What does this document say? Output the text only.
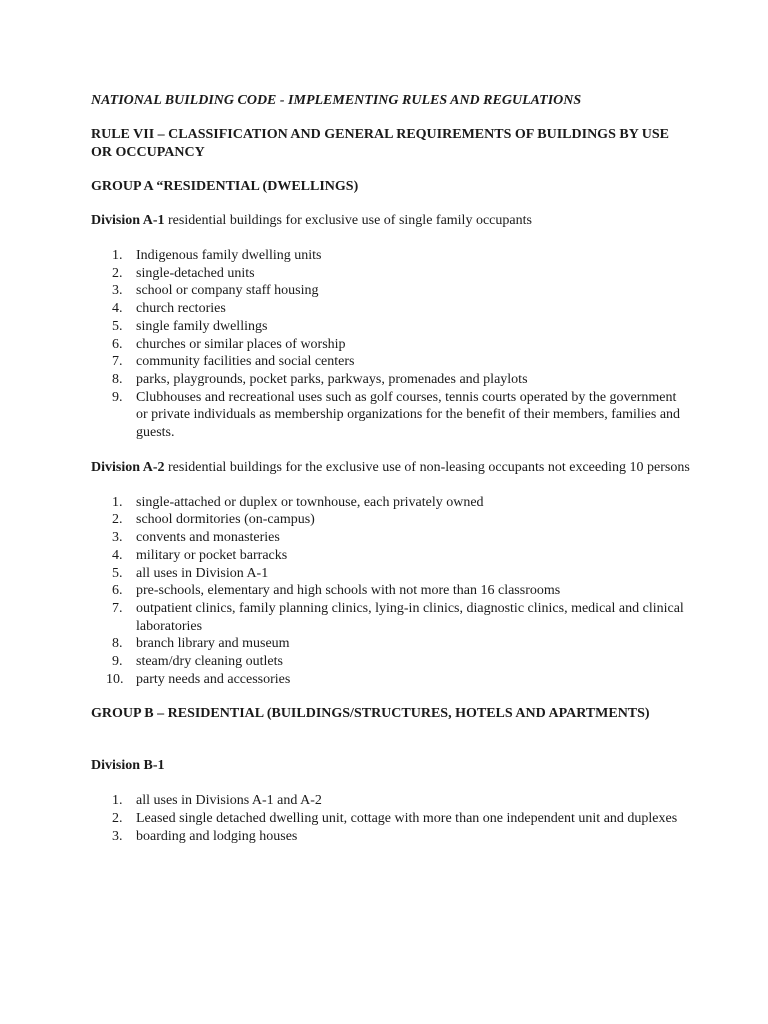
NATIONAL BUILDING CODE - IMPLEMENTING RULES AND REGULATIONS
RULE VII – CLASSIFICATION AND GENERAL REQUIREMENTS OF BUILDINGS BY USE OR OCCUPANCY
GROUP A “RESIDENTIAL (DWELLINGS)
Division A-1 residential buildings for exclusive use of single family occupants
1. Indigenous family dwelling units
2. single-detached units
3. school or company staff housing
4. church rectories
5. single family dwellings
6. churches or similar places of worship
7. community facilities and social centers
8. parks, playgrounds, pocket parks, parkways, promenades and playlots
9. Clubhouses and recreational uses such as golf courses, tennis courts operated by the government or private individuals as membership organizations for the benefit of their members, families and guests.
Division A-2 residential buildings for the exclusive use of non-leasing occupants not exceeding 10 persons
1. single-attached or duplex or townhouse, each privately owned
2. school dormitories (on-campus)
3. convents and monasteries
4. military or pocket barracks
5. all uses in Division A-1
6. pre-schools, elementary and high schools with not more than 16 classrooms
7. outpatient clinics, family planning clinics, lying-in clinics, diagnostic clinics, medical and clinical laboratories
8. branch library and museum
9. steam/dry cleaning outlets
10. party needs and accessories
GROUP B – RESIDENTIAL (BUILDINGS/STRUCTURES, HOTELS AND APARTMENTS)
Division B-1
1. all uses in Divisions A-1 and A-2
2. Leased single detached dwelling unit, cottage with more than one independent unit and duplexes
3. boarding and lodging houses
